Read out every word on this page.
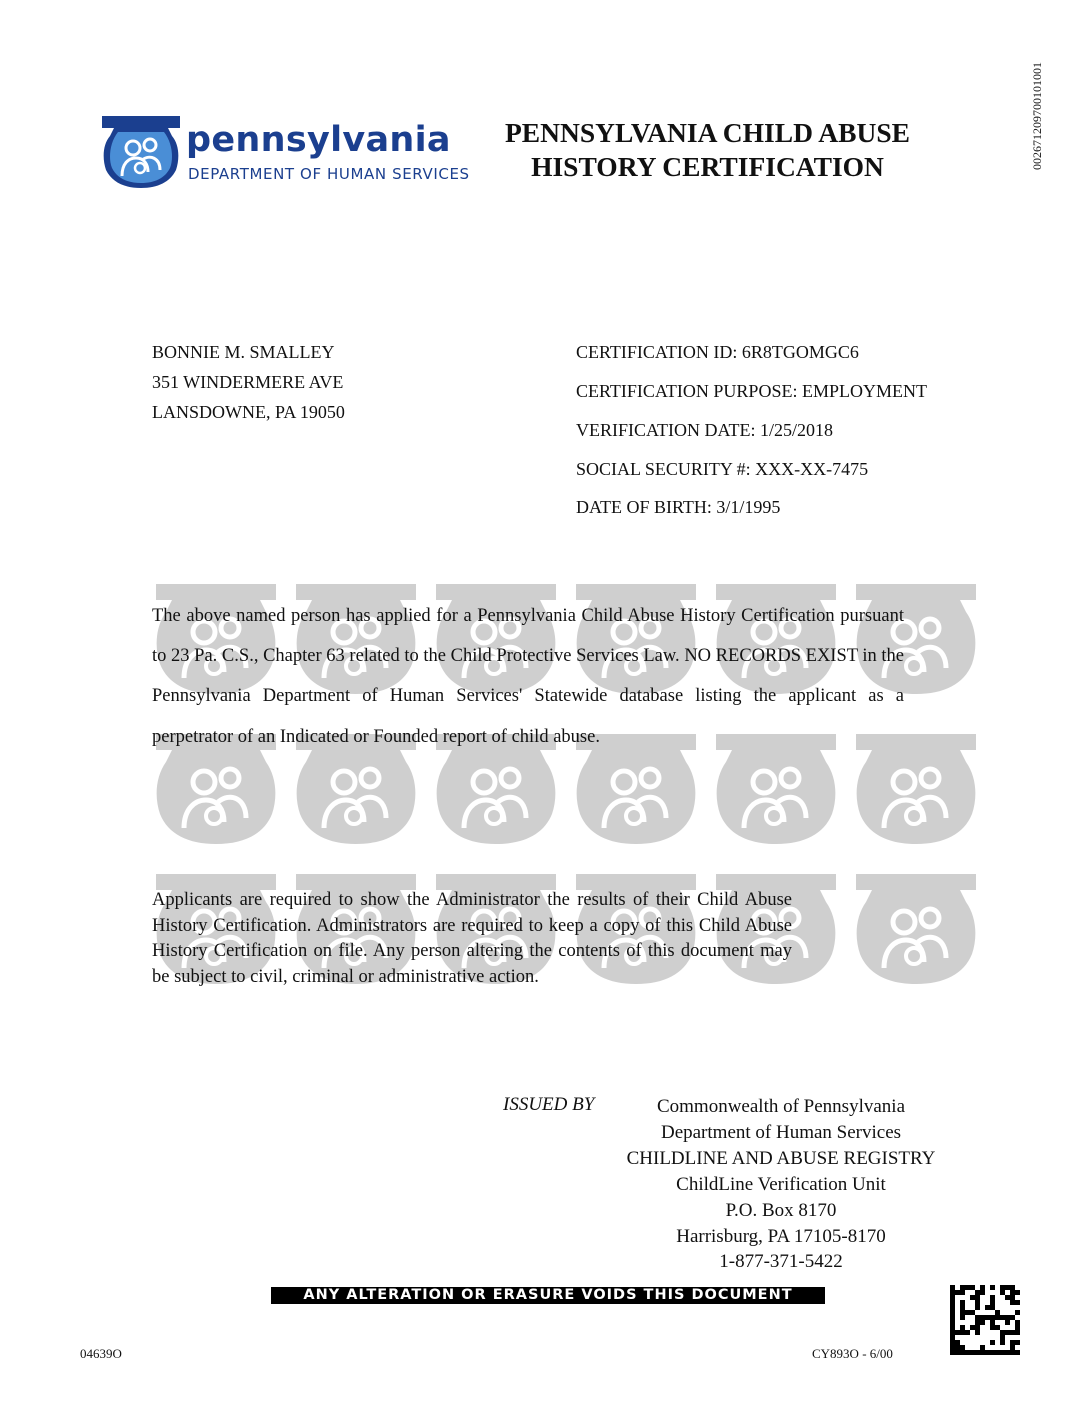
pennsylvania
DEPARTMENT OF HUMAN SERVICES
PENNSYLVANIA CHILD ABUSE
HISTORY CERTIFICATION	002671209700101001
BONNIE M. SMALLEY
351 WINDERMERE AVE
LANSDOWNE, PA 19050
CERTIFICATION ID: 6R8TGOMGC6
CERTIFICATION PURPOSE: EMPLOYMENT
VERIFICATION DATE: 1/25/2018
SOCIAL SECURITY #: XXX-XX-7475
DATE OF BIRTH: 3/1/1995
The above named person has applied for a Pennsylvania Child Abuse History Certification pursuant to 23 Pa. C.S., Chapter 63 related to the Child Protective Services Law. NO RECORDS EXIST in the Pennsylvania Department of Human Services' Statewide database listing the applicant as a perpetrator of an Indicated or Founded report of child abuse.
Applicants are required to show the Administrator the results of their Child Abuse History Certification. Administrators are required to keep a copy of this Child Abuse History Certification on file. Any person altering the contents of this document may be subject to civil, criminal or administrative action.
ISSUED BY	Commonwealth of Pennsylvania
Department of Human Services
CHILDLINE AND ABUSE REGISTRY
ChildLine Verification Unit
P.O. Box 8170
Harrisburg, PA 17105-8170
1-877-371-5422
ANY ALTERATION OR ERASURE VOIDS THIS DOCUMENT
04639O	CY893O - 6/00
